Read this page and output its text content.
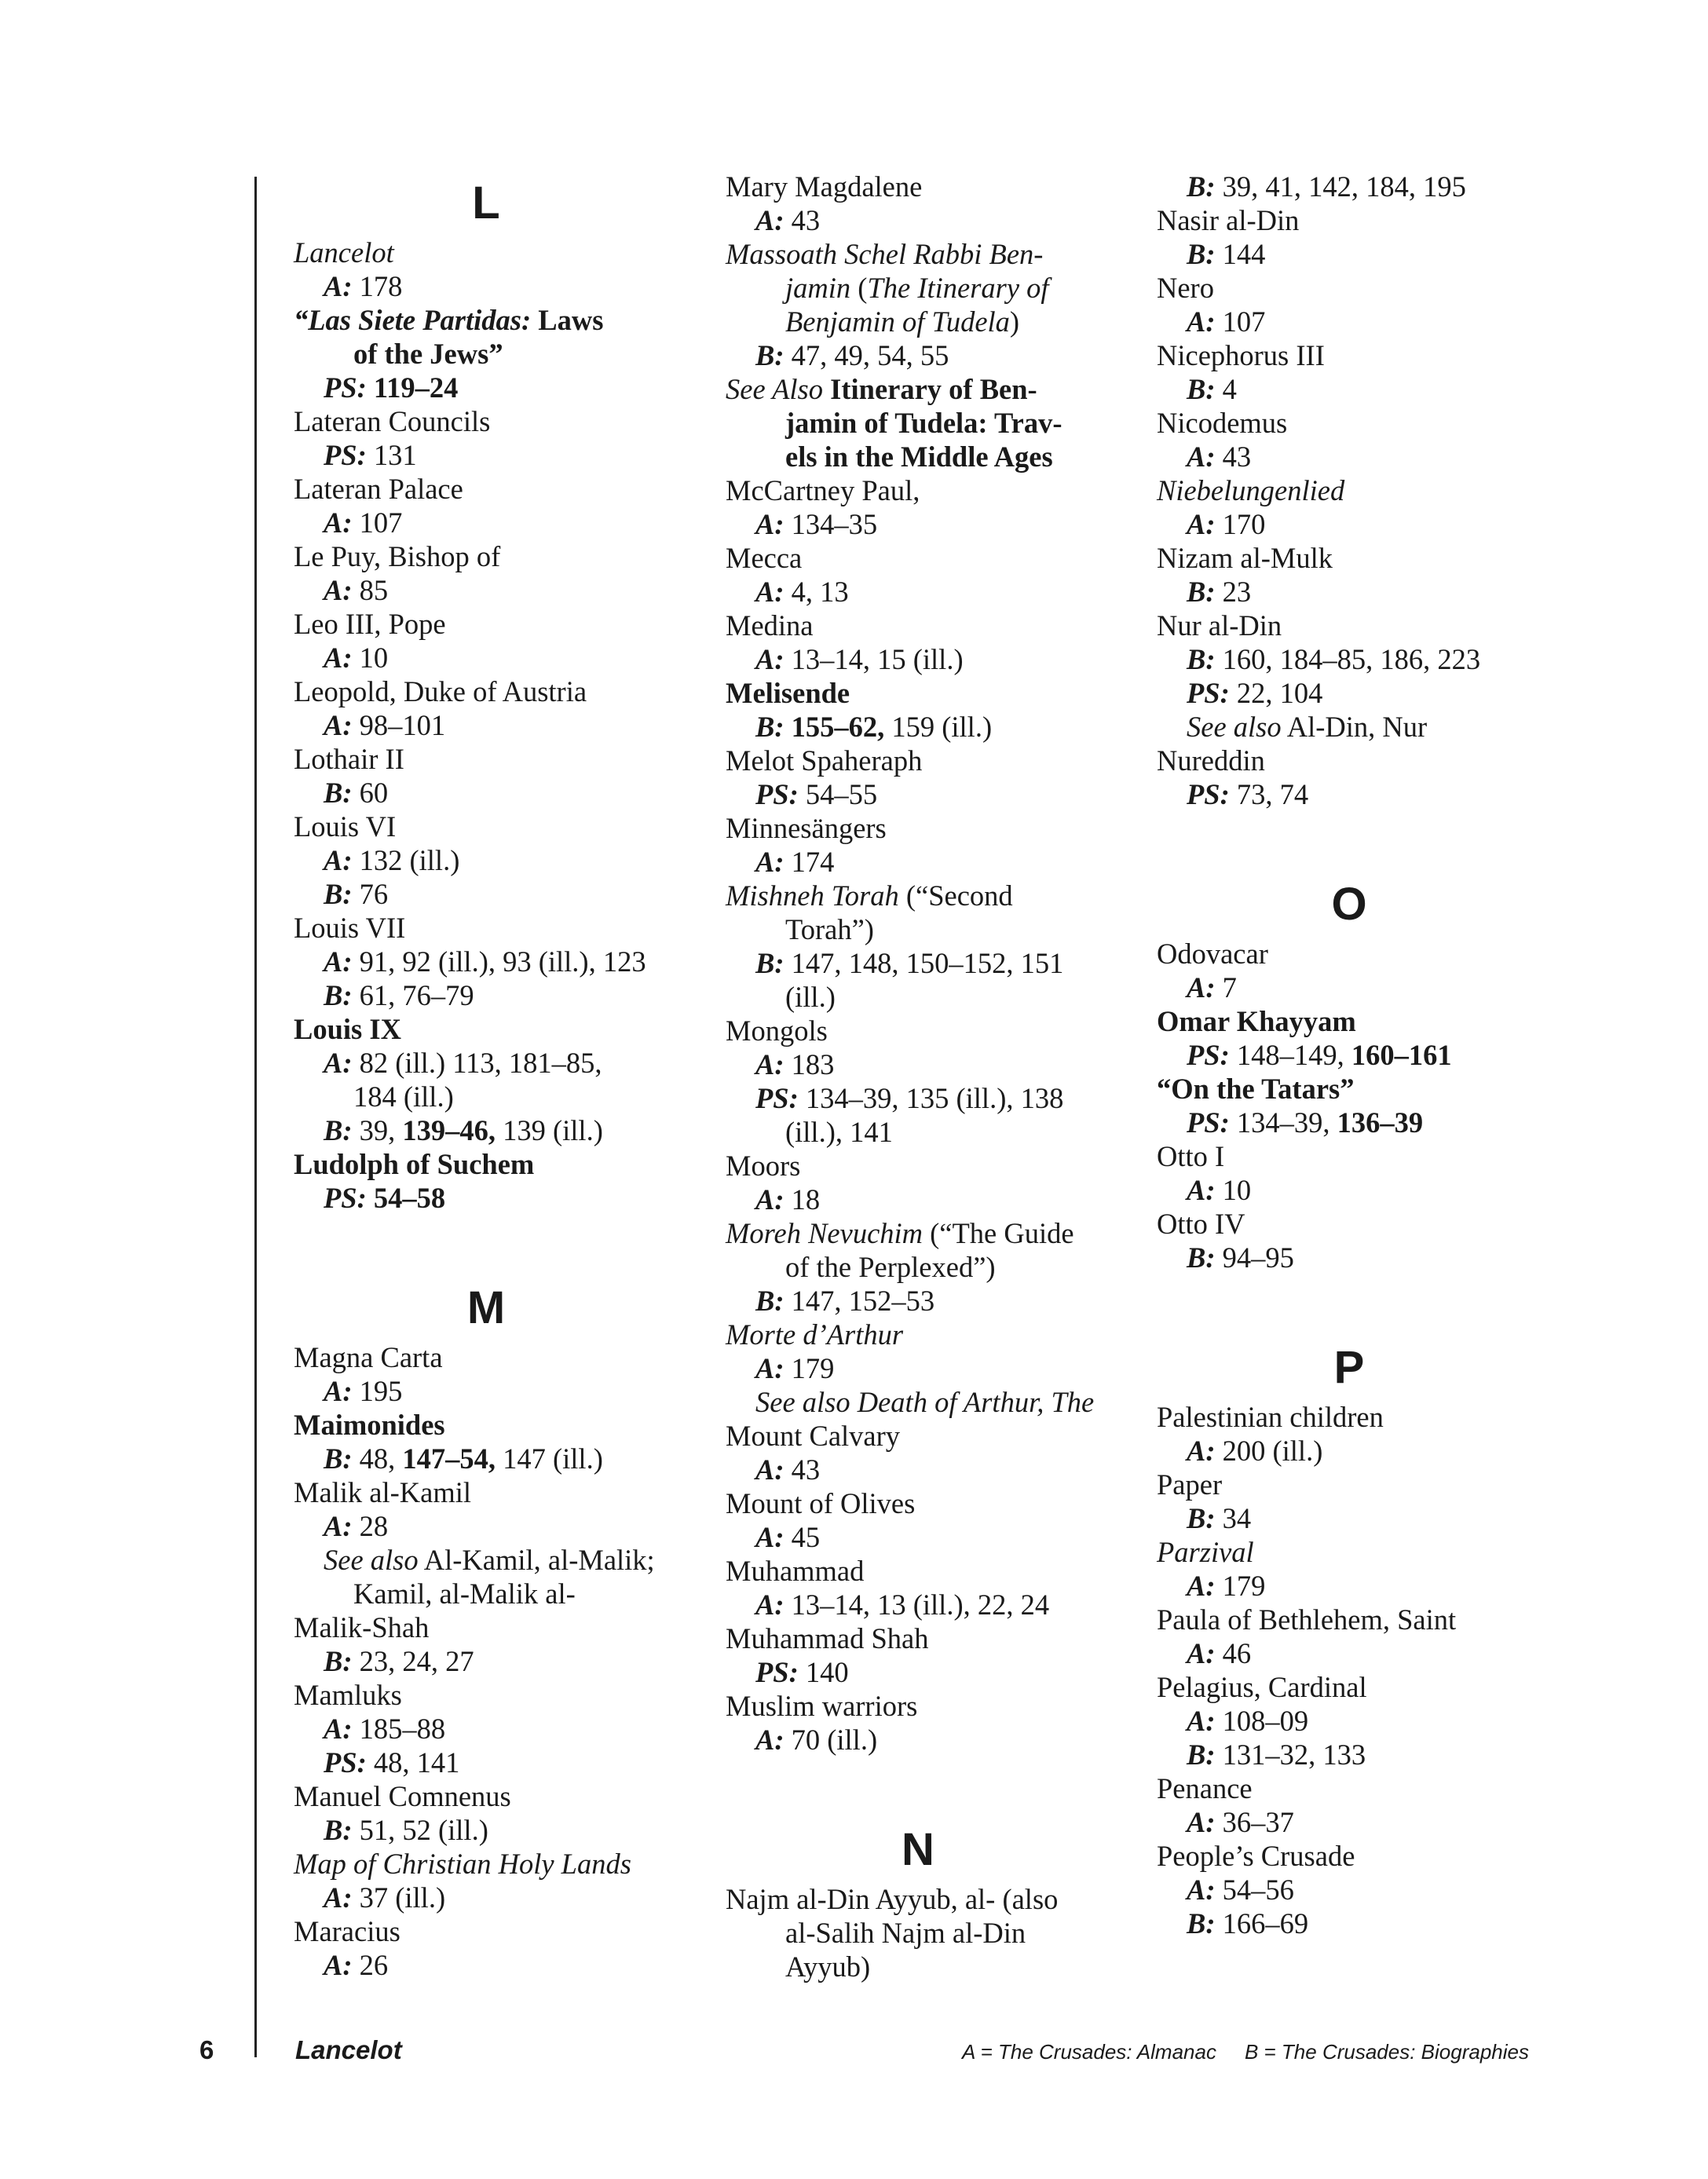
L
Lancelot
A: 178
“Las Siete Partidas: Laws
of the Jews”
PS: 119–24
Lateran Councils
PS: 131
Lateran Palace
A: 107
Le Puy, Bishop of
A: 85
Leo III, Pope
A: 10
Leopold, Duke of Austria
A: 98–101
Lothair II
B: 60
Louis VI
A: 132 (ill.)
B: 76
Louis VII
A: 91, 92 (ill.), 93 (ill.), 123
B: 61, 76–79
Louis IX
A: 82 (ill.) 113, 181–85,
184 (ill.)
B: 39, 139–46, 139 (ill.)
Ludolph of Suchem
PS: 54–58
M
Magna Carta
A: 195
Maimonides
B: 48, 147–54, 147 (ill.)
Malik al-Kamil
A: 28
See also Al-Kamil, al-Malik;
Kamil, al-Malik al-
Malik-Shah
B: 23, 24, 27
Mamluks
A: 185–88
PS: 48, 141
Manuel Comnenus
B: 51, 52 (ill.)
Map of Christian Holy Lands
A: 37 (ill.)
Maracius
A: 26
Mary Magdalene
A: 43
Massoath Schel Rabbi Ben-
jamin (The Itinerary of
Benjamin of Tudela)
B: 47, 49, 54, 55
See Also Itinerary of Ben-
jamin of Tudela: Trav-
els in the Middle Ages
McCartney Paul,
A: 134–35
Mecca
A: 4, 13
Medina
A: 13–14, 15 (ill.)
Melisende
B: 155–62, 159 (ill.)
Melot Spaheraph
PS: 54–55
Minnesängers
A: 174
Mishneh Torah (“Second
Torah”)
B: 147, 148, 150–152, 151
(ill.)
Mongols
A: 183
PS: 134–39, 135 (ill.), 138
(ill.), 141
Moors
A: 18
Moreh Nevuchim (“The Guide
of the Perplexed”)
B: 147, 152–53
Morte d’Arthur
A: 179
See also Death of Arthur, The
Mount Calvary
A: 43
Mount of Olives
A: 45
Muhammad
A: 13–14, 13 (ill.), 22, 24
Muhammad Shah
PS: 140
Muslim warriors
A: 70 (ill.)
N
Najm al-Din Ayyub, al- (also
al-Salih Najm al-Din
Ayyub)
B: 39, 41, 142, 184, 195
Nasir al-Din
B: 144
Nero
A: 107
Nicephorus III
B: 4
Nicodemus
A: 43
Niebelungenlied
A: 170
Nizam al-Mulk
B: 23
Nur al-Din
B: 160, 184–85, 186, 223
PS: 22, 104
See also Al-Din, Nur
Nureddin
PS: 73, 74
O
Odovacar
A: 7
Omar Khayyam
PS: 148–149, 160–161
“On the Tatars”
PS: 134–39, 136–39
Otto I
A: 10
Otto IV
B: 94–95
P
Palestinian children
A: 200 (ill.)
Paper
B: 34
Parzival
A: 179
Paula of Bethlehem, Saint
A: 46
Pelagius, Cardinal
A: 108–09
B: 131–32, 133
Penance
A: 36–37
People’s Crusade
A: 54–56
B: 166–69
6	Lancelot	A = The Crusades: Almanac B = The Crusades: Biographies
